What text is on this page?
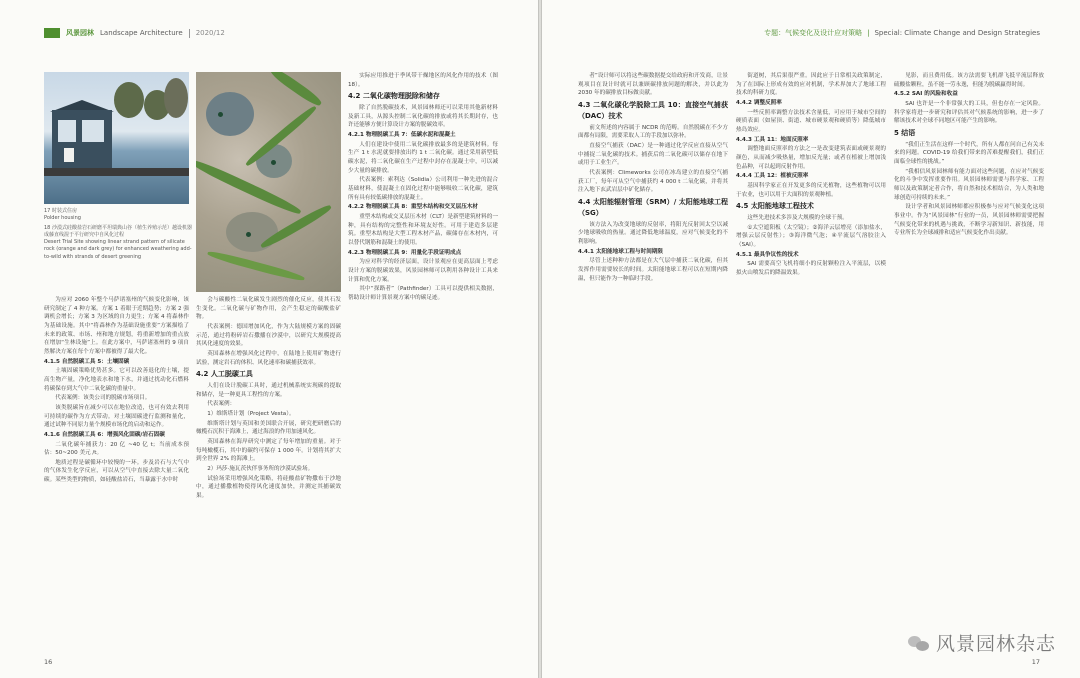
风景园林 Landscape Architecture 2020/12
17 时装式住房
Polder housing
18 沙漠式硅酸盐岩石研磨平坦瑞典山谷（植生养殖示范）越设机器成藤直线混于平行研究中自风化过程
Desert Trial Site showing linear strand pattern of silicate rock (orange and dark grey) for enhanced weathering add-to-wild with strands of desert greening

为应对 2060 年整个马萨诸塞州的气候变化影响，该研究制定了 4 种方案。方案 1 着眼于近期趋势；方案 2 强调机会增长；方案 3 为区域的自力更生；方案 4 将森林作为基础设施。其中“将森林作为基础设施重要”方案描绘了未来的政策、市场、州和地方规划，将重新增加的重点放在增加“生林设施”上。在此方案中，马萨诸塞州的 9 项自然解决方案在每个方案中都被得了最大化。

4.1.5 自然脱碳工具 5：土壤固碳

土壤固碳策略优势甚多。它可以改善退化的土壤，提高生物产量，净化地表水和地下水，并通过扰动化石燃料将碳保存到大气中二氧化碳的重量中。

代表案例：该类公司的脱碳市场项目。

该类脱碳旨在减少可以在地位改造，也可有效去利用可持续的碳作为方式带动。对土壤固碳进行监测和量化，通过试种不同原力量个规模市场化的启动和运作。

4.1.6 自然脱碳工具 6：增强风化固碳/岩石固碳

二氧化碳年捕获力：20 亿 ~40 亿 t；当前成本预估：50~200 美元 /t。

地质过程是碳循环中较慢的一环。步及岩石与大气中的气体发生化学反应，可以从空气中直接去除大量二氧化碳。某些类型的物质，如硅酸盐岩石，当暴露于水中时

会与碳酸性二氧化碳发生剧烈的催化反应，使其石发生变化。二氧化碳与矿物作用，会产生稳定的碳酸盐矿物。

代表案例：德国增加风化，作为大陆规模方案的固碳示范，通过将粉碎岩石撒播在沙漠中，以研究大规模提高其风化速度的效果。

英国森林在增强风化过程中，在陆地上使用矿物进行试验，测定岩石的体积、风化速率和碳捕获效率。

4.2 人工脱碳工具

人们在设计脱碳工具时，通过机械系统实现碳的提取和储存，是一种更具工程性的方案。

代表案例：

1）维斯塔计划（Project Vesta）。

维斯塔计划与英国和美国联合开展，研究把研磨后的橄榄石沉积于海滩上，通过海浪的作用加速风化。

英国森林在海岸研究中测定了每年增加的重量。对于每吨橄榄石，其中的碳约可保存 1 000 年。计划将其扩大到全世界 2% 的海滩上。

2）玛莎·施瓦茨伙伴事务所的沙漠试验场。

试验场采用增强风化策略，将硅酸盐矿物撒布于沙地中，通过播撒植物使得风化速度加快，并测定其捕碳效果。

实际应用推进于季风带干燥地区的风化作用的技术（图 18）。

4.2 二氧化碳物理脱除和储存

除了自然脱碳技术，风景园林师还可以采用其他新材料及新工具，从源头控制二氧化碳的排放或将其长期封存，也许还能够方便计算设计方案的脱碳效率。

4.2.1 物理脱碳工具 7：低碳水泥和混凝土

人们在建设中使用二氧化碳排放最多的是建筑材料。每生产 1 t 水泥就要排放出约 1 t 二氧化碳。通过采用新型低碳水泥，将二氧化碳在生产过程中封存在混凝土中，可以减少大量的碳排放。

代表案例：索利达（Solidia）公司利用一种先进的混合基础材料，使混凝土在固化过程中能够吸收二氧化碳，建筑所有具有较低碳排放的混凝土。

4.2.2 物理脱碳工具 8：重型木结构和交叉层压木材

重型木结构或交叉层压木材（CLT）是新型建筑材料的一种，具有结构的完整性和环境友好性。可用于建造多层建筑。重型木结构是大型工程木材产品，碳储存在木材内，可以替代钢筋和混凝土的使用。

4.2.3 物理脱碳工具 9：用量化手段证明成点

为应对科学的经济层面，设计景观应在更高层面上考虑设计方案的脱碳效果，风景园林师可以利用各种设计工具来计算和优化方案。

其中“探路者”（Pathfinder）工具可以提供相关数据，帮助设计师计算景观方案中的碳足迹。

16
专题：气候变化及设计应对策略 | Special: Climate Change and Design Strategies

者”设计师可以将这些碳数据提交给政府和开发商，让景观项目在设计时就可以兼顾碳排放问题的解决，并以此为 2030 年的碳排放目标做贡献。

4.3 二氧化碳化学脱除工具 10：直接空气捕获（DAC）技术

前文所述的内容属于 NCDR 的范畴。自然脱碳在不少方面都有局限，需要采取人工的手段加以弥补。

直接空气捕获（DAC）是一种通过化学反应直接从空气中捕捉二氧化碳的技术。捕获后的二氧化碳可以储存在地下或用于工业生产。

代表案例：Climeworks 公司在冰岛建立的直接空气捕获工厂，每年可从空气中捕获约 4 000 t 二氧化碳，并将其注入地下玄武岩层中矿化储存。

4.4 太阳能辐射管理（SRM）/ 太阳能地球工程（SG）

该方法入为改变地球的反射率，将阳光反射回太空以减少地球吸收的热量。通过降低地球温度，应对气候变化的不利影响。

4.4.1 太阳能地球工程与时间期限

尽管上述种种方法都是在大气层中捕获二氧化碳，但其发挥作用需要较长的时间。太阳能地球工程可以在短期内降温，但只能作为一种临时手段。

街道树，其后果很严重。因此应于日常相关政策制定，为了在国际上形成有效的应对机制，学术界加大了地球工程技术的科研力度。

4.4.2 调整反照率

一些反照率调整方法技术含量低，可应用于城市空间的硬质表面（如屋顶、街道、城市硬景观和硬质等）降低城市热岛效应。

4.4.3 工具 11：地面反照率

调整地面反照率的方法之一是改变建筑表面或硬景观的颜色，从而减少吸热量，增加反光量；或者在植被上增加浅色品种，可以起到反射作用。

4.4.4 工具 12：植被反照率

基因科学家正在开发更多的反光植物，这些植物可以用于农业，也可以用于大面积的景观种植。

4.5 太阳能地球工程技术

这些先进技术多涉及大规模的全球干预。

①太空遮阳板（太空镜）；②海洋云层增亮（添加盐水，增强云层反射性）；③海洋微气泡；④平流层气溶胶注入（SAI）。

4.5.1 最具争议性的技术

SAI 需要高空飞机将细小的反射颗粒注入平流层，以模拟火山喷发后的降温效果。

见影，而且费用低。该方法需要飞机群飞抵平流层释放硫酸盐颗粒，虽不能一劳永逸，但能为脱碳赢得时间。

4.5.2 SAI 的风险和收益

SAI 也许是一个非常强大的工具，但也存在一定风险。科学家将进一步研究和评估其对气候系统的影响，进一步了解该技术对全球不同地区可能产生的影响。

5 结语

“我们正生活在这样一个时代，所有人都在问自己有关未来的问题。COVID-19 给我们带来的苦难提醒我们，我们正面临全球性的挑战。”

“我相信风景园林师有能力面对这些问题，在应对气候变化的斗争中发挥重要作用。风景园林师需要与科学家、工程师以及政策制定者合作，将自然和技术相结合，为人类和地球创造可持续的未来。”

设计学者和风景园林师都应积极参与应对气候变化这项事业中。作为“风景园林”行业的一员，风景园林师需要把握气候变化带来的机遇与挑战，不断学习新知识、新技能，用专业所长为全球减排和适应气候变化作出贡献。

风景园林杂志
17
